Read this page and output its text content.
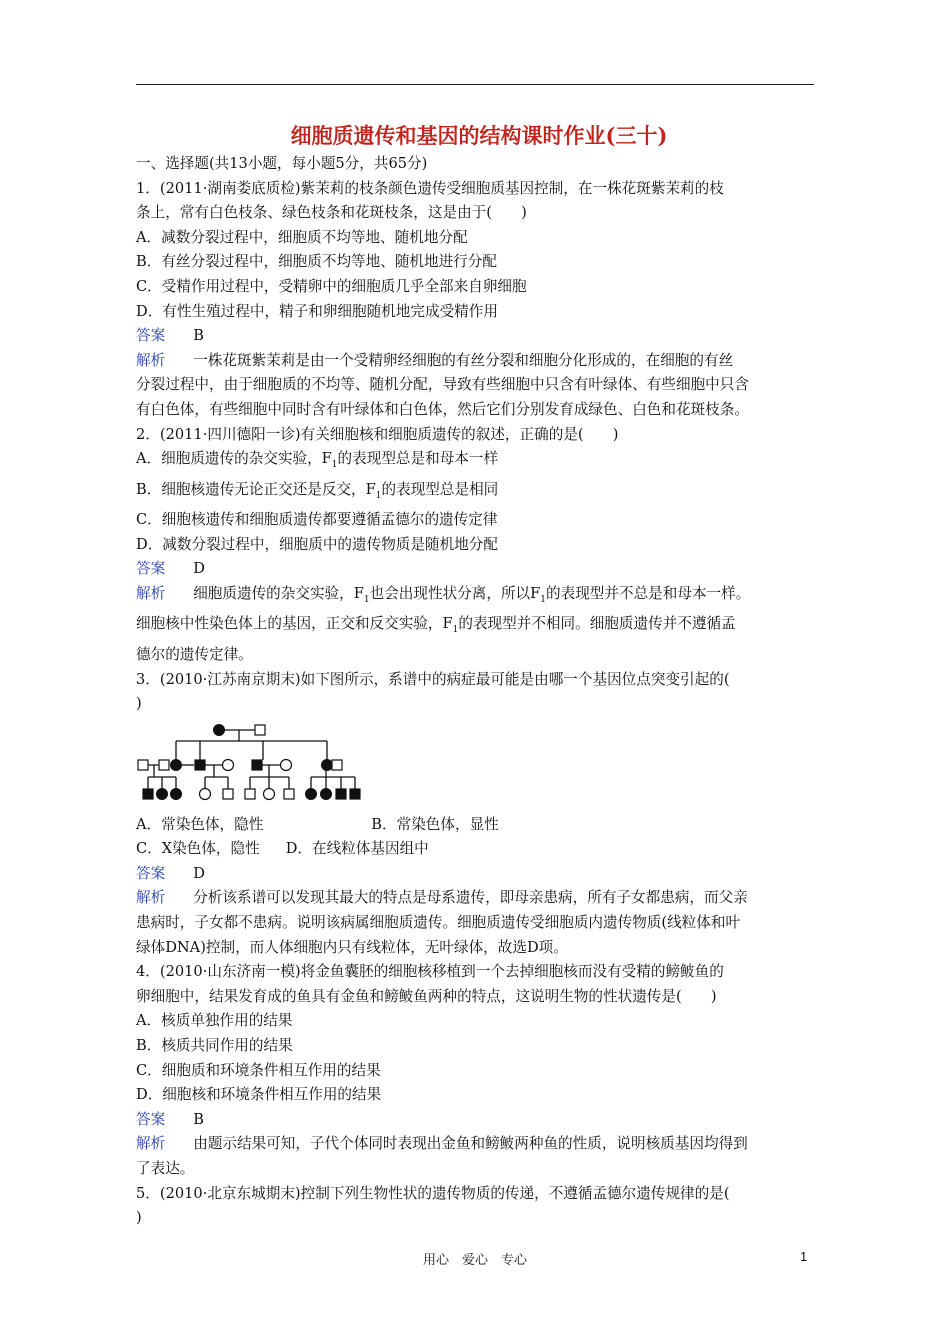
细胞质遗传和基因的结构课时作业(三十)
一、选择题(共13小题，每小题5分，共65分)
1．(2011·湖南娄底质检)紫茉莉的枝条颜色遗传受细胞质基因控制，在一株花斑紫茉莉的枝
条上，常有白色枝条、绿色枝条和花斑枝条，这是由于(　　)
A．减数分裂过程中，细胞质不均等地、随机地分配
B．有丝分裂过程中，细胞质不均等地、随机地进行分配
C．受精作用过程中，受精卵中的细胞质几乎全部来自卵细胞
D．有性生殖过程中，精子和卵细胞随机地完成受精作用
答案 B
解析 一株花斑紫茉莉是由一个受精卵经细胞的有丝分裂和细胞分化形成的，在细胞的有丝
分裂过程中，由于细胞质的不均等、随机分配，导致有些细胞中只含有叶绿体、有些细胞中只含
有白色体，有些细胞中同时含有叶绿体和白色体，然后它们分别发育成绿色、白色和花斑枝条。
2．(2011·四川德阳一诊)有关细胞核和细胞质遗传的叙述，正确的是(　　)
A．细胞质遗传的杂交实验，$F_1$的表现型总是和母本一样
B．细胞核遗传无论正交还是反交，$F_1$的表现型总是相同
C．细胞核遗传和细胞质遗传都要遵循孟德尔的遗传定律
D．减数分裂过程中，细胞质中的遗传物质是随机地分配
答案 D
解析 细胞质遗传的杂交实验，$F_1$也会出现性状分离，所以$F_1$的表现型并不总是和母本一样。
细胞核中性染色体上的基因，正交和反交实验，$F_1$的表现型并不相同。细胞质遗传并不遵循孟
德尔的遗传定律。
3．(2010·江苏南京期末)如下图所示，系谱中的病症最可能是由哪一个基因位点突变引起的(
)
A．常染色体，隐性	B．常染色体，显性
C．X染色体，隐性 D．在线粒体基因组中
答案 D
解析 分析该系谱可以发现其最大的特点是母系遗传，即母亲患病，所有子女都患病，而父亲
患病时，子女都不患病。说明该病属细胞质遗传。细胞质遗传受细胞质内遗传物质(线粒体和叶
绿体DNA)控制，而人体细胞内只有线粒体，无叶绿体，故选D项。
4．(2010·山东济南一模)将金鱼囊胚的细胞核移植到一个去掉细胞核而没有受精的鳑鲏鱼的
卵细胞中，结果发育成的鱼具有金鱼和鳑鲏鱼两种的特点，这说明生物的性状遗传是(　　)
A．核质单独作用的结果
B．核质共同作用的结果
C．细胞质和环境条件相互作用的结果
D．细胞核和环境条件相互作用的结果
答案 B
解析 由题示结果可知，子代个体同时表现出金鱼和鳑鲏两种鱼的性质，说明核质基因均得到
了表达。
5．(2010·北京东城期末)控制下列生物性状的遗传物质的传递，不遵循孟德尔遗传规律的是(
)
用心　爱心　专心	1
